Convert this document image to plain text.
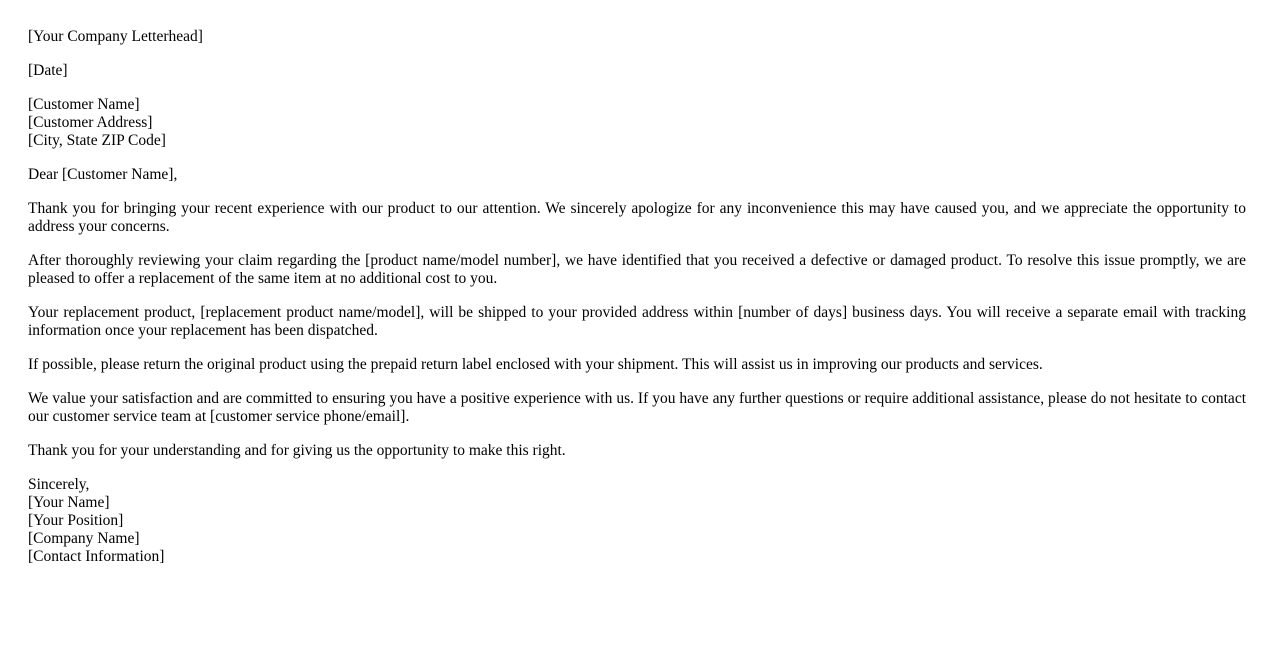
[Your Company Letterhead]
[Date]
[Customer Name]
[Customer Address]
[City, State ZIP Code]
Dear [Customer Name],

Thank you for bringing your recent experience with our product to our attention. We sincerely apologize for any inconvenience this may have caused you, and we appreciate the opportunity to address your concerns.

After thoroughly reviewing your claim regarding the [product name/model number], we have identified that you received a defective or damaged product. To resolve this issue promptly, we are pleased to offer a replacement of the same item at no additional cost to you.

Your replacement product, [replacement product name/model], will be shipped to your provided address within [number of days] business days. You will receive a separate email with tracking information once your replacement has been dispatched.

If possible, please return the original product using the prepaid return label enclosed with your shipment. This will assist us in improving our products and services.

We value your satisfaction and are committed to ensuring you have a positive experience with us. If you have any further questions or require additional assistance, please do not hesitate to contact our customer service team at [customer service phone/email].

Thank you for your understanding and for giving us the opportunity to make this right.

Sincerely,
[Your Name]
[Your Position]
[Company Name]
[Contact Information]
